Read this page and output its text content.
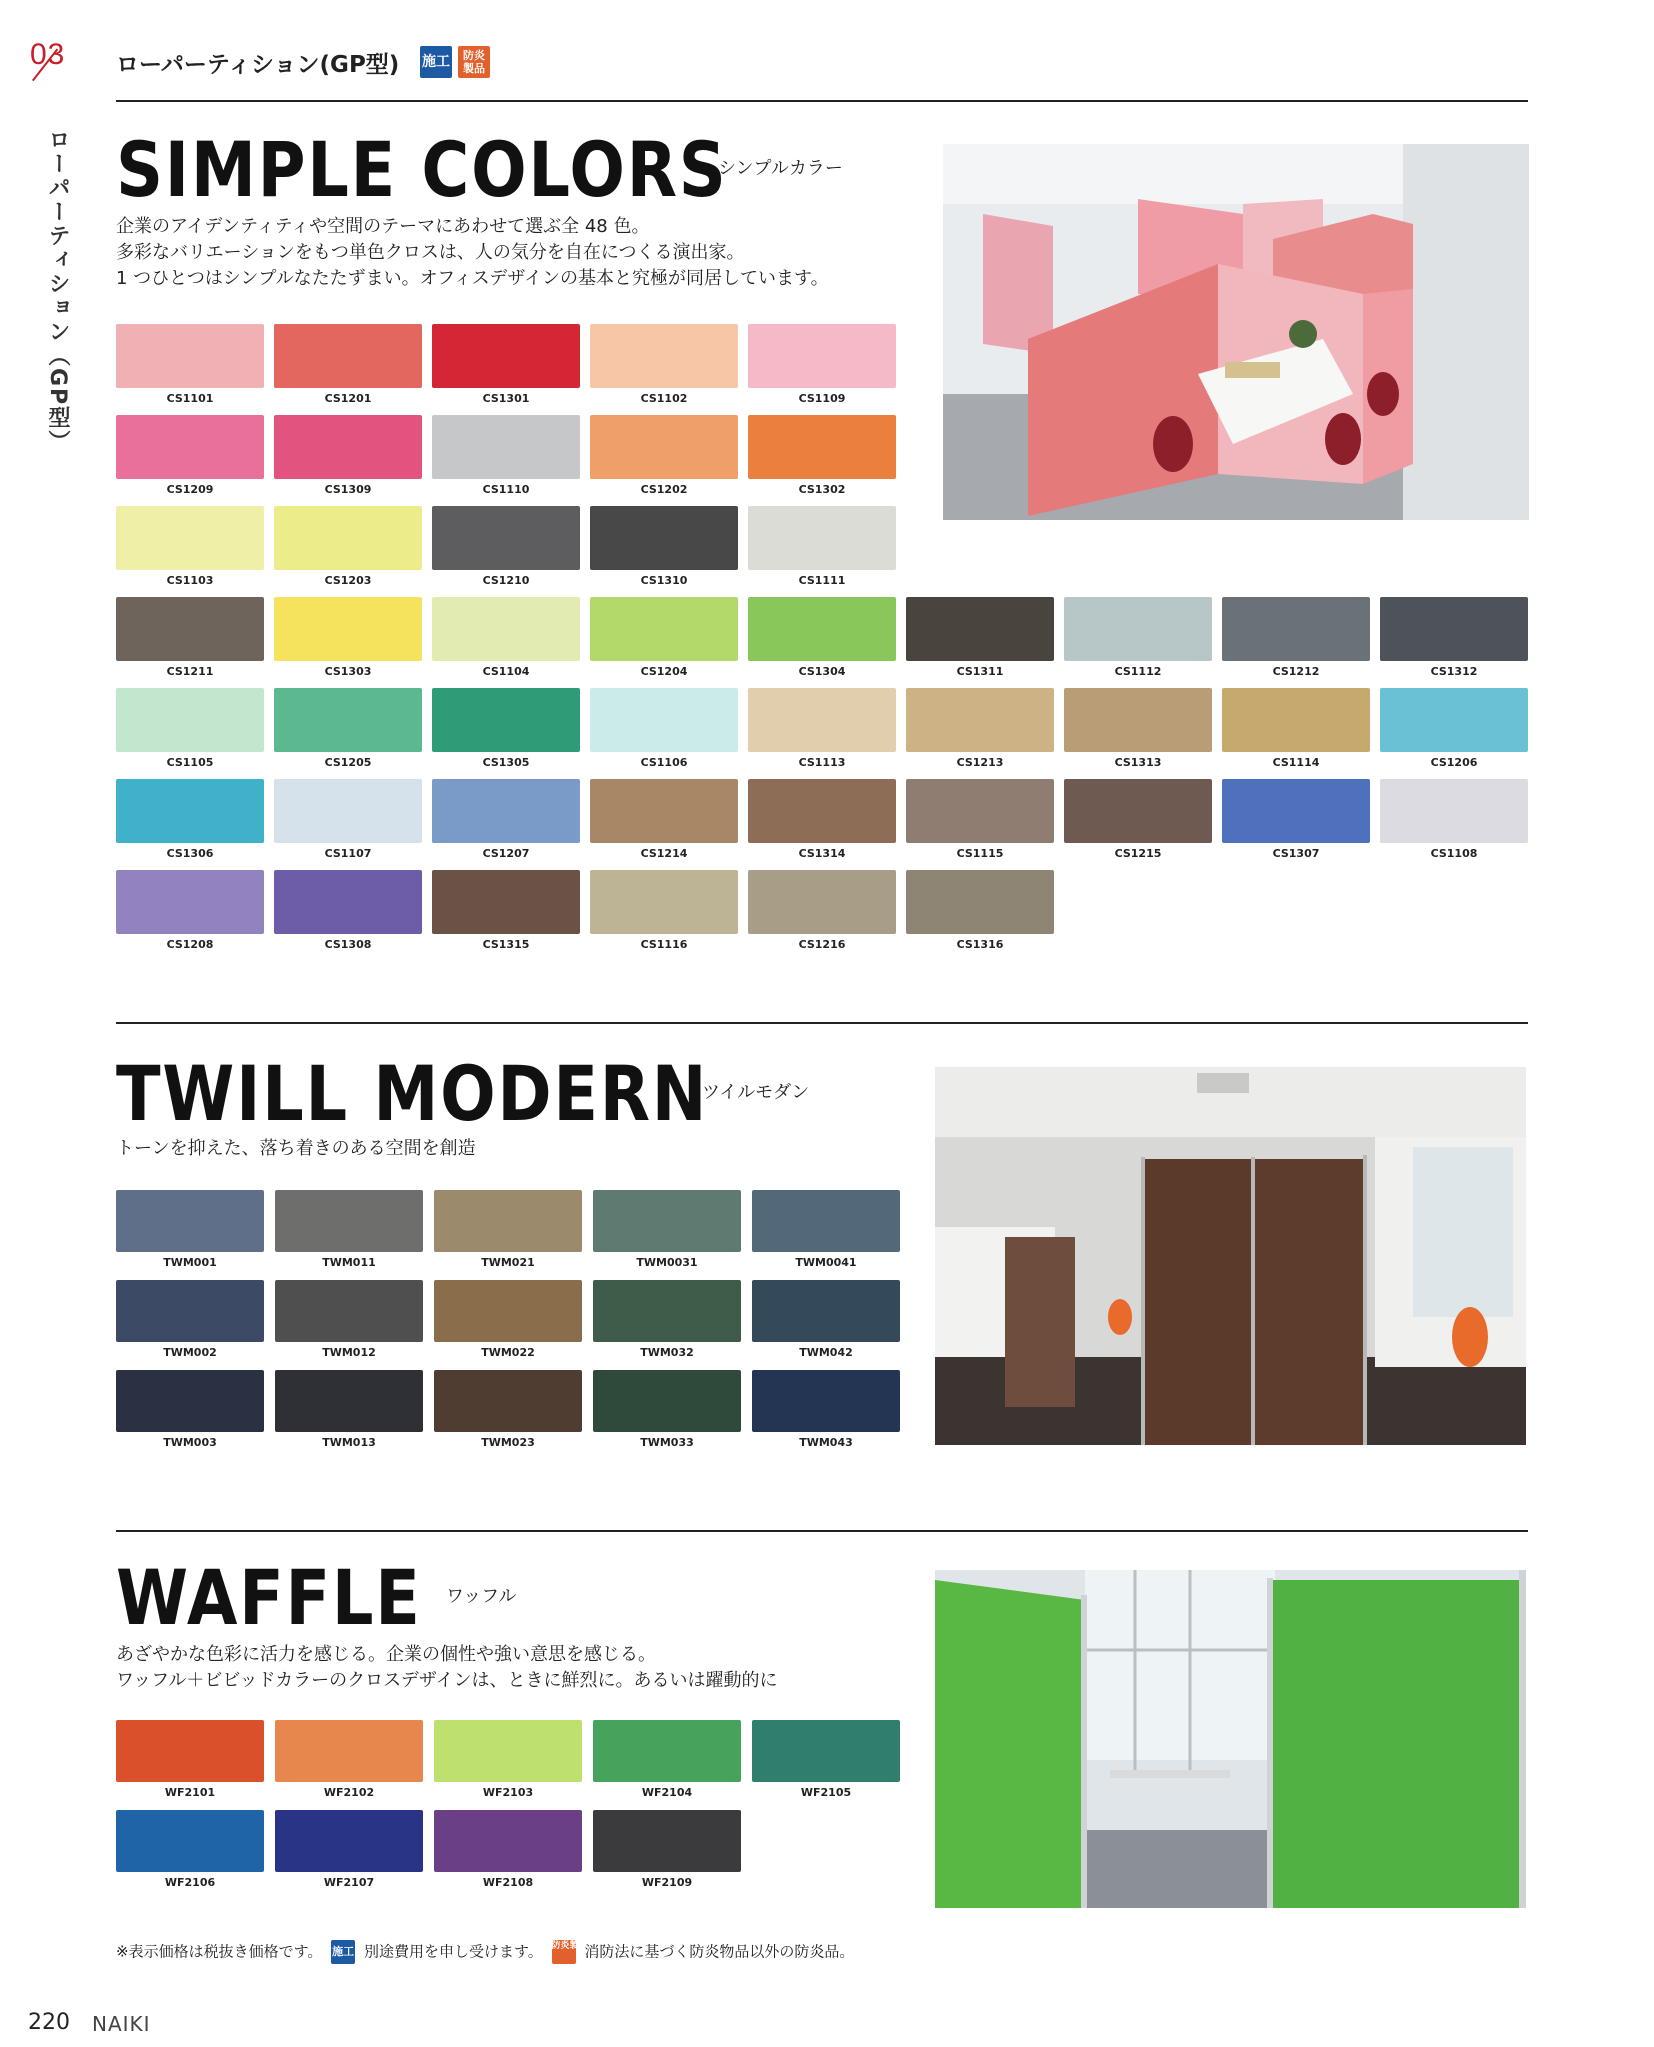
03
ローパーティション（GP型）
ローパーティション(GP型) 施工	防炎製品
SIMPLE COLORS
シンプルカラー
企業のアイデンティティや空間のテーマにあわせて選ぶ全 48 色。
多彩なバリエーションをもつ単色クロスは、人の気分を自在につくる演出家。
1 つひとつはシンプルなたたずまい。オフィスデザインの基本と究極が同居しています。
CS1101	CS1201	CS1301	CS1102	CS1109
CS1209	CS1309	CS1110	CS1202	CS1302
CS1103	CS1203	CS1210	CS1310	CS1111
CS1211	CS1303	CS1104	CS1204	CS1304	CS1311	CS1112	CS1212	CS1312
CS1105	CS1205	CS1305	CS1106	CS1113	CS1213	CS1313	CS1114	CS1206
CS1306	CS1107	CS1207	CS1214	CS1314	CS1115	CS1215	CS1307	CS1108
CS1208	CS1308	CS1315	CS1116	CS1216	CS1316
TWILL MODERN
ツイルモダン
トーンを抑えた、落ち着きのある空間を創造
TWM001	TWM011	TWM021	TWM0031	TWM0041
TWM002	TWM012	TWM022	TWM032	TWM042
TWM003	TWM013	TWM023	TWM033	TWM043
WAFFLE ワッフル
あざやかな色彩に活力を感じる。企業の個性や強い意思を感じる。
ワッフル＋ビビッドカラーのクロスデザインは、ときに鮮烈に。あるいは躍動的に
WF2101	WF2102	WF2103	WF2104	WF2105
WF2106	WF2107	WF2108	WF2109
※表示価格は税抜き価格です。 施工 別途費用を申し受けます。 防炎製品 消防法に基づく防炎物品以外の防炎品。
220 NAIKI
